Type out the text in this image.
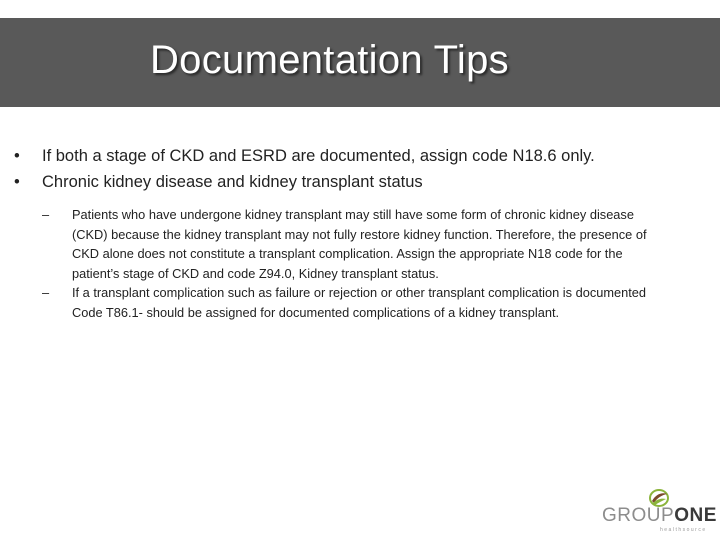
Documentation Tips
• If both a stage of CKD and ESRD are documented, assign code N18.6 only.
• Chronic kidney disease and kidney transplant status
– Patients who have undergone kidney transplant may still have some form of chronic kidney disease (CKD) because the kidney transplant may not fully restore kidney function. Therefore, the presence of CKD alone does not constitute a transplant complication. Assign the appropriate N18 code for the patient’s stage of CKD and code Z94.0, Kidney transplant status.
– If a transplant complication such as failure or rejection or other transplant complication is documented Code T86.1- should be assigned for documented complications of a kidney transplant.
GROUPONE
healthsource
